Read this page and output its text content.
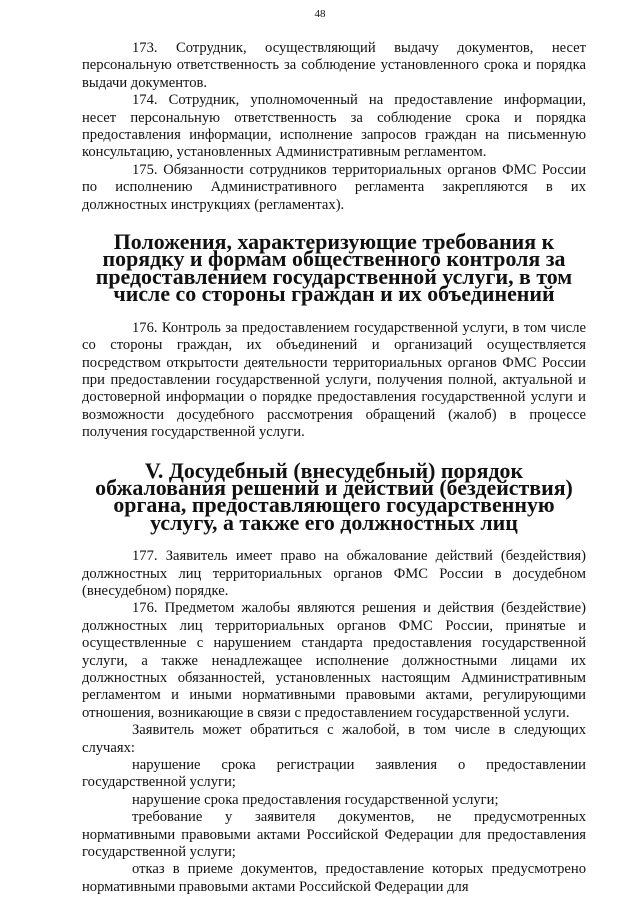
48

173. Сотрудник, осуществляющий выдачу документов, несет персональную ответственность за соблюдение установленного срока и порядка выдачи документов.

174. Сотрудник, уполномоченный на предоставление информации, несет персональную ответственность за соблюдение срока и порядка предоставления информации, исполнение запросов граждан на письменную консультацию, установленных Административным регламентом.

175. Обязанности сотрудников территориальных органов ФМС России по исполнению Административного регламента закрепляются в их должностных инструкциях (регламентах).

Положения, характеризующие требования к порядку и формам общественного контроля за предоставлением государственной услуги, в том числе со стороны граждан и их объединений

176. Контроль за предоставлением государственной услуги, в том числе со стороны граждан, их объединений и организаций осуществляется посредством открытости деятельности территориальных органов ФМС России при предоставлении государственной услуги, получения полной, актуальной и достоверной информации о порядке предоставления государственной услуги и возможности досудебного рассмотрения обращений (жалоб) в процессе получения государственной услуги.

V. Досудебный (внесудебный) порядок обжалования решений и действий (бездействия) органа, предоставляющего государственную услугу, а также его должностных лиц

177. Заявитель имеет право на обжалование действий (бездействия) должностных лиц территориальных органов ФМС России в досудебном (внесудебном) порядке.

176. Предметом жалобы являются решения и действия (бездействие) должностных лиц территориальных органов ФМС России, принятые и осуществленные с нарушением стандарта предоставления государственной услуги, а также ненадлежащее исполнение должностными лицами их должностных обязанностей, установленных настоящим Административным регламентом и иными нормативными правовыми актами, регулирующими отношения, возникающие в связи с предоставлением государственной услуги.

Заявитель может обратиться с жалобой, в том числе в следующих случаях:

нарушение срока регистрации заявления о предоставлении государственной услуги;

нарушение срока предоставления государственной услуги;

требование у заявителя документов, не предусмотренных нормативными правовыми актами Российской Федерации для предоставления государственной услуги;

отказ в приеме документов, предоставление которых предусмотрено нормативными правовыми актами Российской Федерации для
